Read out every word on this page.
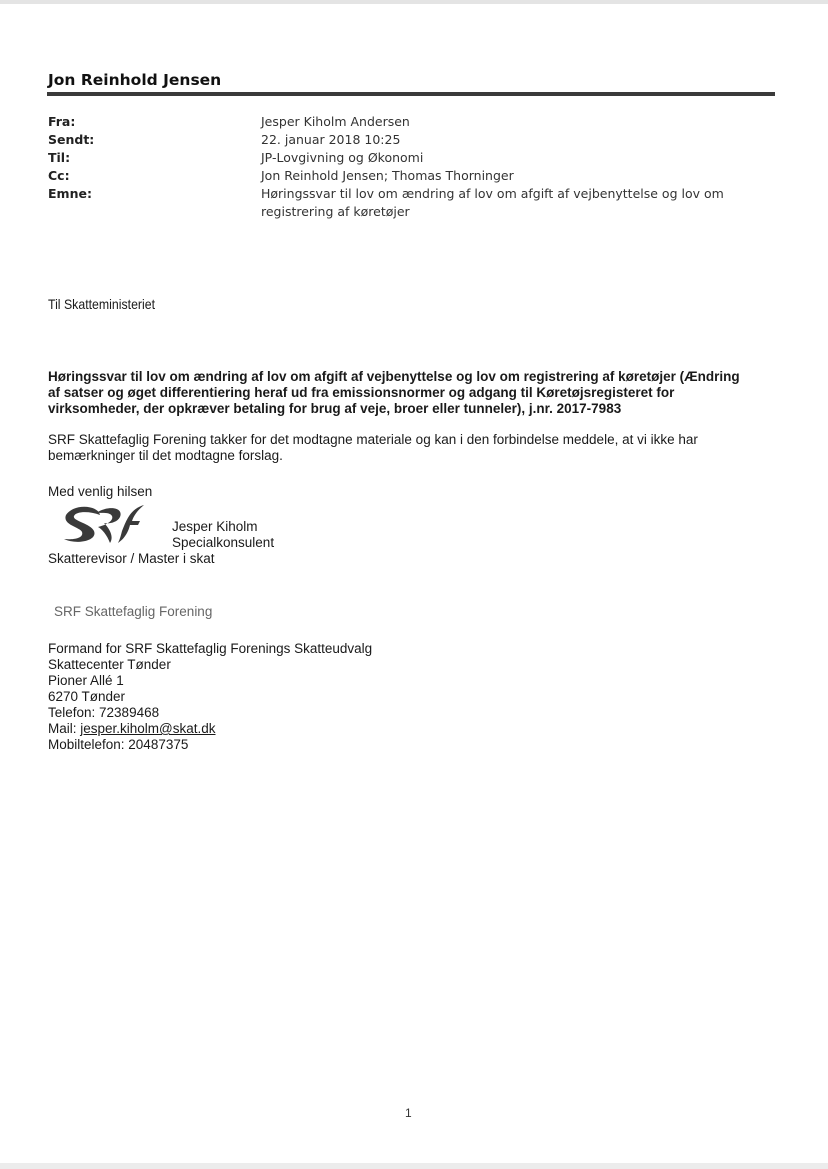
Jon Reinhold Jensen
Fra:	Jesper Kiholm Andersen
Sendt:	22. januar 2018 10:25
Til:	JP-Lovgivning og Økonomi
Cc:	Jon Reinhold Jensen; Thomas Thorninger
Emne:	Høringssvar til lov om ændring af lov om afgift af vejbenyttelse og lov om
registrering af køretøjer
Til Skatteministeriet
Høringssvar til lov om ændring af lov om afgift af vejbenyttelse og lov om registrering af køretøjer (Ændring
af satser og øget differentiering heraf ud fra emissionsnormer og adgang til Køretøjsregisteret for
virksomheder, der opkræver betaling for brug af veje, broer eller tunneler), j.nr. 2017-7983
SRF Skattefaglig Forening takker for det modtagne materiale og kan i den forbindelse meddele, at vi ikke har
bemærkninger til det modtagne forslag.
Med venlig hilsen
Jesper Kiholm
Specialkonsulent
Skatterevisor / Master i skat
SRF Skattefaglig Forening
Formand for SRF Skattefaglig Forenings Skatteudvalg
Skattecenter Tønder
Pioner Allé 1
6270 Tønder
Telefon: 72389468
Mail: jesper.kiholm@skat.dk
Mobiltelefon: 20487375
1
